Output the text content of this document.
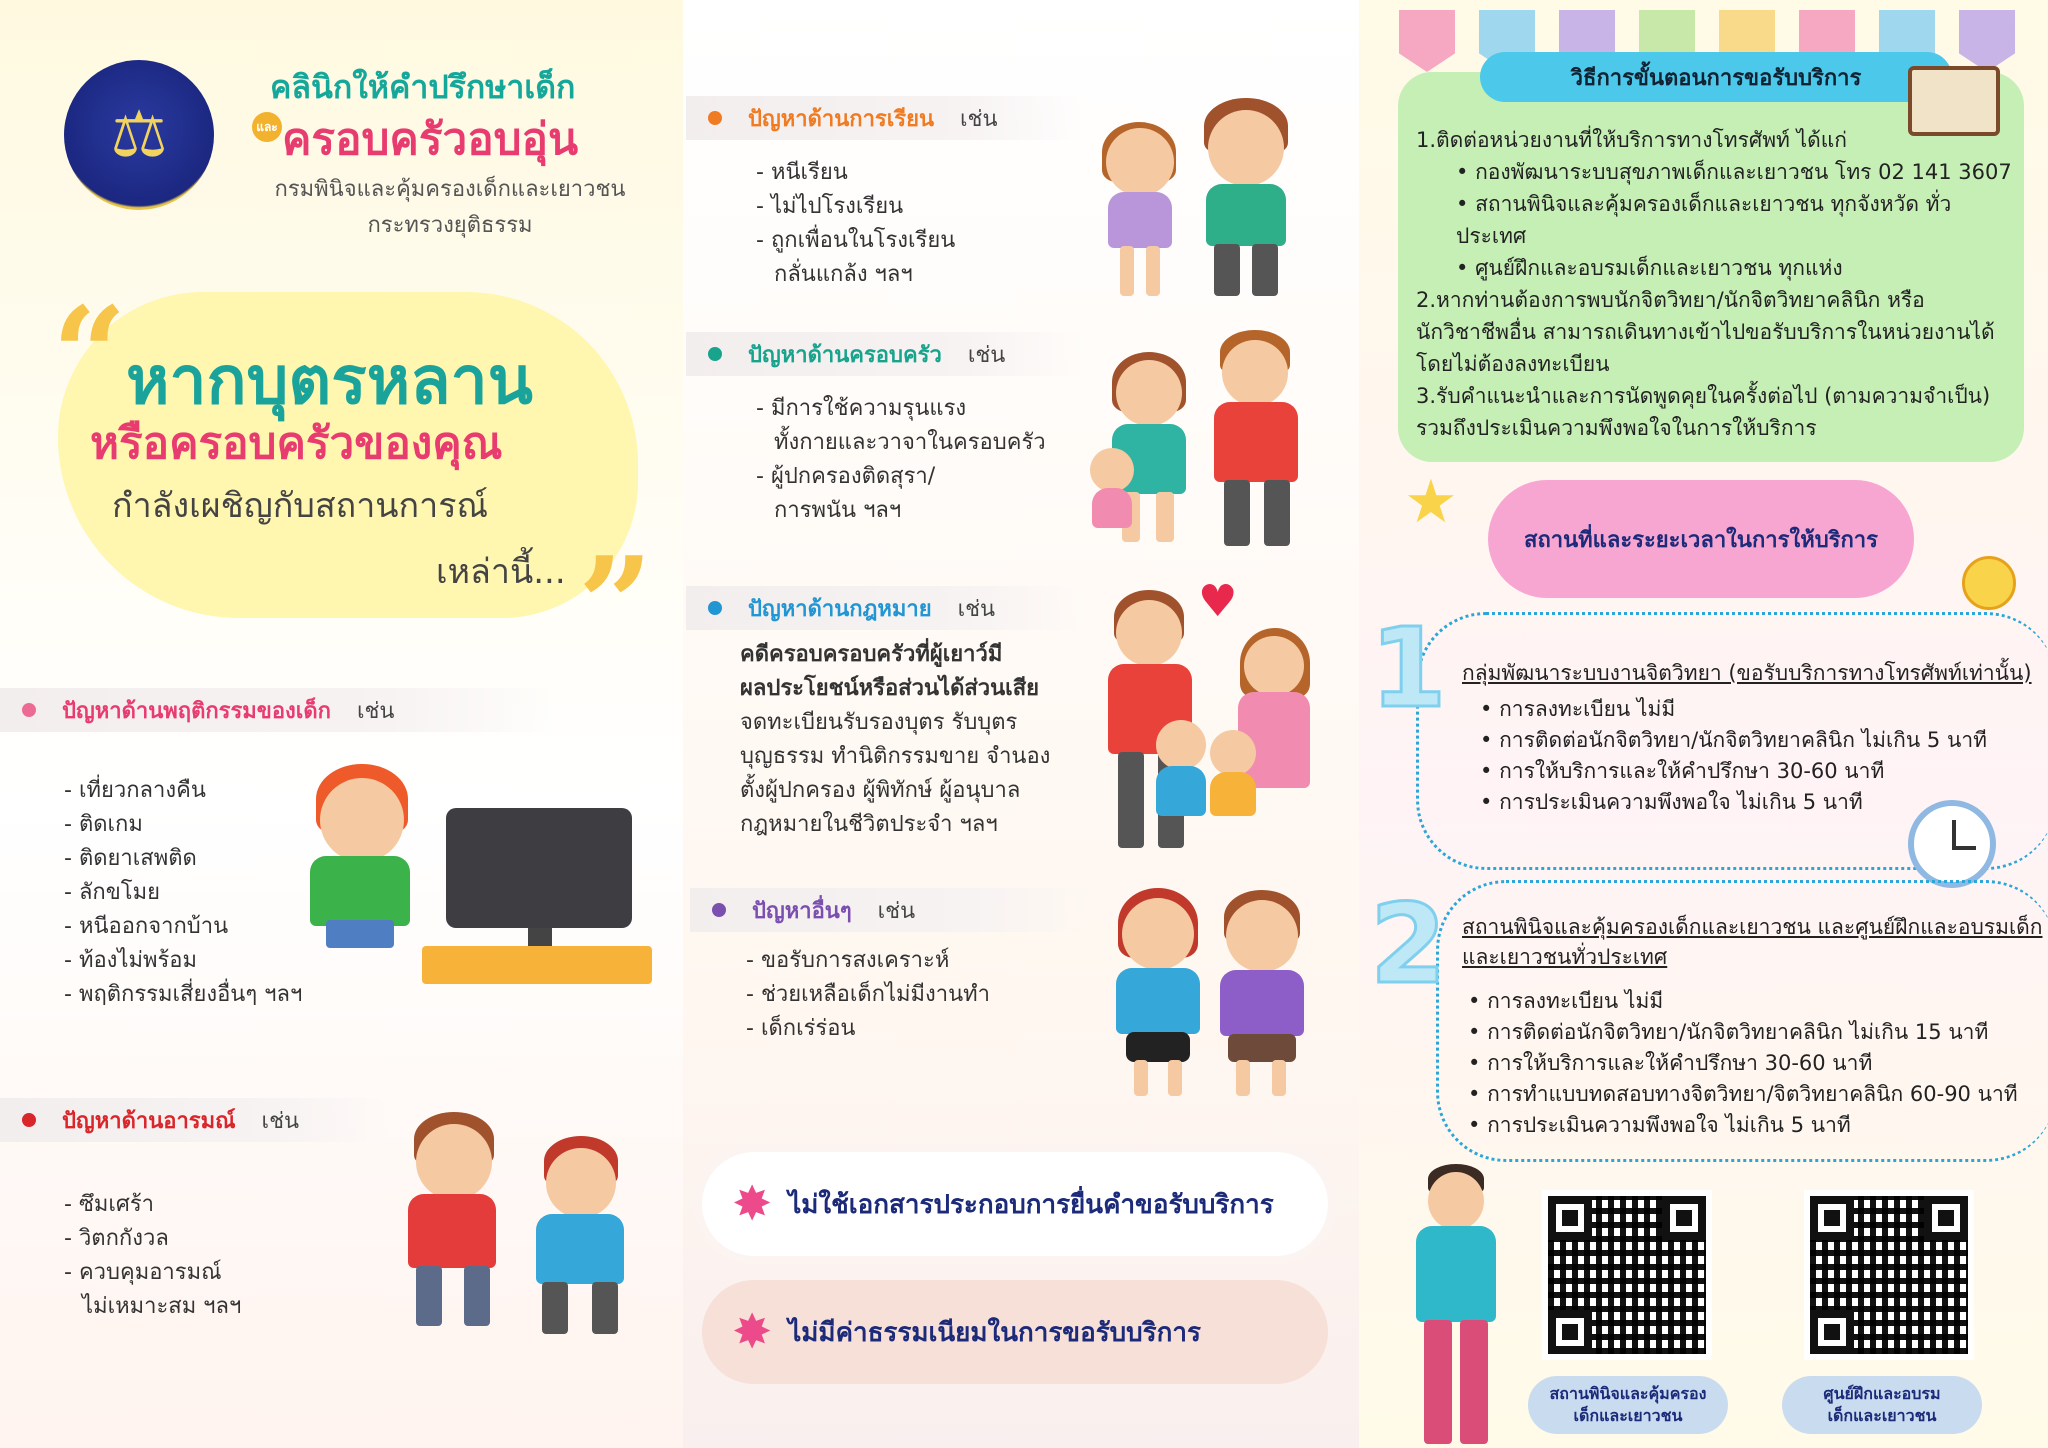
⚖
คลินิกให้คำปรึกษาเด็ก
และ ครอบครัวอบอุ่น
กรมพินิจและคุ้มครองเด็กและเยาวชน
กระทรวงยุติธรรม
“
”
หากบุตรหลาน
หรือครอบครัวของคุณ
กำลังเผชิญกับสถานการณ์
เหล่านี้...
ปัญหาด้านพฤติกรรมของเด็ก เช่น
- เที่ยวกลางคืน
- ติดเกม
- ติดยาเสพติด
- ลักขโมย
- หนีออกจากบ้าน
- ท้องไม่พร้อม
- พฤติกรรมเสี่ยงอื่นๆ ฯลฯ
ปัญหาด้านอารมณ์ เช่น
- ซึมเศร้า
- วิตกกังวล
- ควบคุมอารมณ์
ไม่เหมาะสม ฯลฯ
ปัญหาด้านการเรียน เช่น
- หนีเรียน
- ไม่ไปโรงเรียน
- ถูกเพื่อนในโรงเรียน
กลั่นแกล้ง ฯลฯ
ปัญหาด้านครอบครัว เช่น
- มีการใช้ความรุนแรง
ทั้งกายและวาจาในครอบครัว
- ผู้ปกครองติดสุรา/
การพนัน ฯลฯ
ปัญหาด้านกฎหมาย เช่น
คดีครอบครอบครัวที่ผู้เยาว์มี
ผลประโยชน์หรือส่วนได้ส่วนเสีย
จดทะเบียนรับรองบุตร รับบุตร
บุญธรรม ทำนิติกรรมขาย จำนอง
ตั้งผู้ปกครอง ผู้พิทักษ์ ผู้อนุบาล
กฎหมายในชีวิตประจำ ฯลฯ
♥
ปัญหาอื่นๆ เช่น
- ขอรับการสงเคราะห์
- ช่วยเหลือเด็กไม่มีงานทำ
- เด็กเร่ร่อน
✸ ไม่ใช้เอกสารประกอบการยื่นคำขอรับบริการ
✸ ไม่มีค่าธรรมเนียมในการขอรับบริการ
วิธีการขั้นตอนการขอรับบริการ
1.ติดต่อหน่วยงานที่ให้บริการทางโทรศัพท์ ได้แก่
• กองพัฒนาระบบสุขภาพเด็กและเยาวชน โทร 02 141 3607
• สถานพินิจและคุ้มครองเด็กและเยาวชน ทุกจังหวัด ทั่วประเทศ
• ศูนย์ฝึกและอบรมเด็กและเยาวชน ทุกแห่ง
2.หากท่านต้องการพบนักจิตวิทยา/นักจิตวิทยาคลินิก หรือ
นักวิชาชีพอื่น สามารถเดินทางเข้าไปขอรับบริการในหน่วยงานได้
โดยไม่ต้องลงทะเบียน
3.รับคำแนะนำและการนัดพูดคุยในครั้งต่อไป (ตามความจำเป็น)
รวมถึงประเมินความพึงพอใจในการให้บริการ
★
สถานที่และระยะเวลาในการให้บริการ
1 กลุ่มพัฒนาระบบงานจิตวิทยา (ขอรับบริการทางโทรศัพท์เท่านั้น)
• การลงทะเบียน ไม่มี
• การติดต่อนักจิตวิทยา/นักจิตวิทยาคลินิก ไม่เกิน 5 นาที
• การให้บริการและให้คำปรึกษา 30-60 นาที
• การประเมินความพึงพอใจ ไม่เกิน 5 นาที
2 สถานพินิจและคุ้มครองเด็กและเยาวชน และศูนย์ฝึกและอบรมเด็ก
และเยาวชนทั่วประเทศ
• การลงทะเบียน ไม่มี
• การติดต่อนักจิตวิทยา/นักจิตวิทยาคลินิก ไม่เกิน 15 นาที
• การให้บริการและให้คำปรึกษา 30-60 นาที
• การทำแบบทดสอบทางจิตวิทยา/จิตวิทยาคลินิก 60-90 นาที
• การประเมินความพึงพอใจ ไม่เกิน 5 นาที
สถานพินิจและคุ้มครอง
เด็กและเยาวชน
ศูนย์ฝึกและอบรม
เด็กและเยาวชน
